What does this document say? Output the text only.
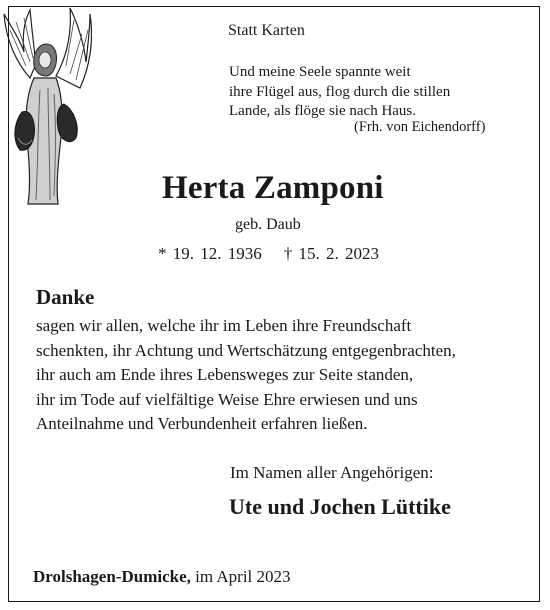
Statt Karten
Und meine Seele spannte weit
ihre Flügel aus, flog durch die stillen
Lande, als flöge sie nach Haus.
(Frh. von Eichendorff)
Herta Zamponi
geb. Daub
* 19. 12. 1936 † 15. 2. 2023
Danke
sagen wir allen, welche ihr im Leben ihre Freundschaft
schenkten, ihr Achtung und Wertschätzung entgegenbrachten,
ihr auch am Ende ihres Lebensweges zur Seite standen,
ihr im Tode auf vielfältige Weise Ehre erwiesen und uns
Anteilnahme und Verbundenheit erfahren ließen.
Im Namen aller Angehörigen:
Ute und Jochen Lüttike
Drolshagen-Dumicke, im April 2023
